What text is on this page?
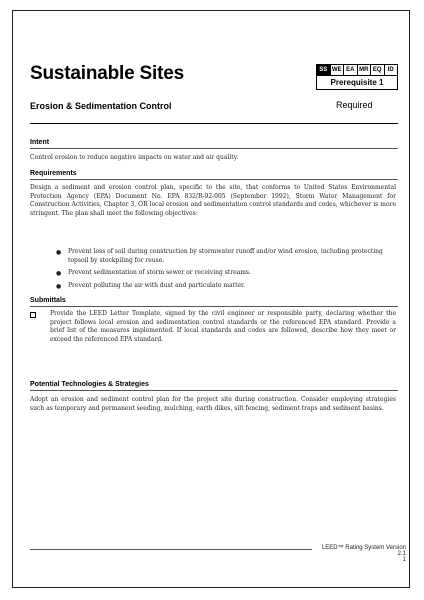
Sustainable Sites	SS WE EA MR EQ	ID
Prerequisite 1
Erosion & Sedimentation Control	Required
Intent
Control erosion to reduce negative impacts on water and air quality.
Requirements
Design a sediment and erosion control plan, specific to the site, that conforms to United States Environmental Protection Agency (EPA) Document No. EPA 832/R-92-005 (September 1992), Storm Water Management for Construction Activities, Chapter 3, OR local erosion and sedimentation control standards and codes, whichever is more stringent. The plan shall meet the following objectives:
● Prevent loss of soil during construction by stormwater runoff and/or wind erosion, including protecting topsoil by stockpiling for reuse.
● Prevent sedimentation of storm sewer or receiving streams.
● Prevent polluting the air with dust and particulate matter.
Submittals
Provide the LEED Letter Template, signed by the civil engineer or responsible party, declaring whether the project follows local erosion and sedimentation control standards or the referenced EPA standard. Provide a brief list of the measures implemented. If local standards and codes are followed, describe how they meet or exceed the referenced EPA standard.
Potential Technologies & Strategies
Adopt an erosion and sediment control plan for the project site during construction. Consider employing strategies such as temporary and permanent seeding, mulching, earth dikes, silt fencing, sediment traps and sediment basins.
LEED™ Rating System Version 2.1
1
